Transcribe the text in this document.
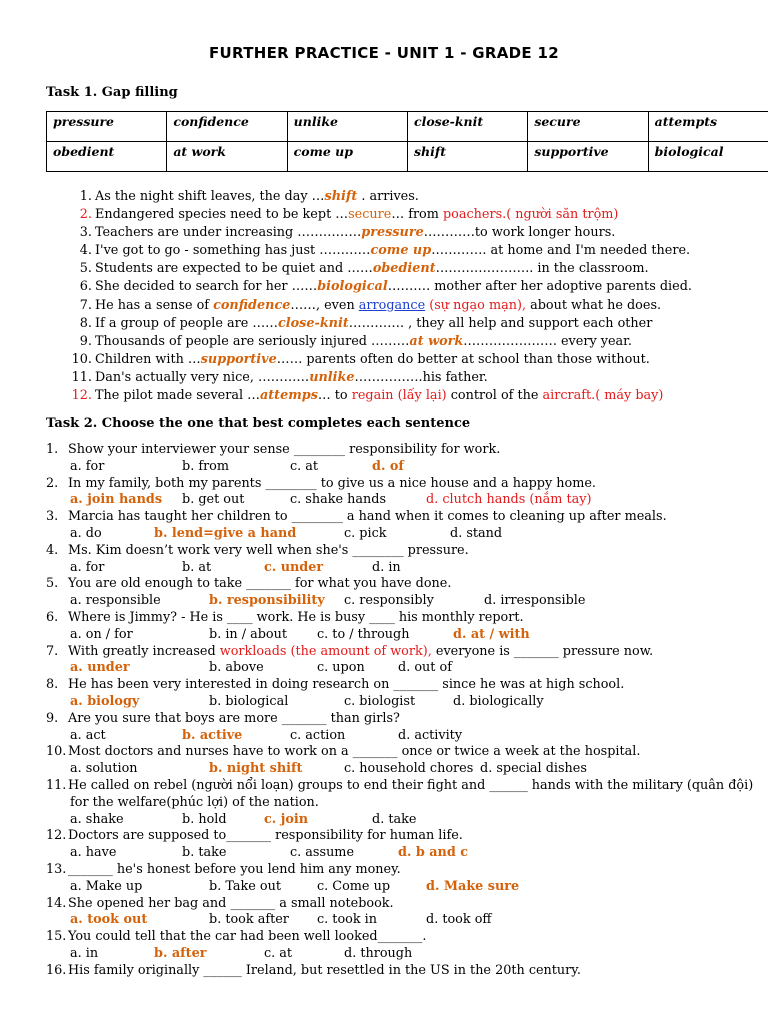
FURTHER PRACTICE - UNIT 1 - GRADE 12
Task 1. Gap filling
pressure	confidence	unlike	close-knit	secure	attempts
obedient	at work	come up	shift	supportive	biological
1. As the night shift leaves, the day …shift . arrives.
2. Endangered species need to be kept …secure… from poachers.( người săn trộm)
3. Teachers are under increasing ……………pressure…………to work longer hours.
4. I've got to go - something has just …………come up…………. at home and I'm needed there.
5. Students are expected to be quiet and ……obedient………………….. in the classroom.
6. She decided to search for her ……biological………. mother after her adoptive parents died.
7. He has a sense of confidence……, even arrogance (sự ngạo mạn), about what he does.
8. If a group of people are ……close-knit…………. , they all help and support each other
9. Thousands of people are seriously injured ………at work…………………. every year.
10. Children with …supportive…… parents often do better at school than those without.
11. Dan's actually very nice, …………unlike…………….his father.
12. The pilot made several …attemps… to regain (lấy lại) control of the aircraft.( máy bay)
Task 2. Choose the one that best completes each sentence
1. Show your interviewer your sense ________ responsibility for work.
a. for	b. from	c. at	d. of
2. In my family, both my parents ________ to give us a nice house and a happy home.
a. join hands b. get out	c. shake hands	d. clutch hands (nắm tay)
3. Marcia has taught her children to ________ a hand when it comes to cleaning up after meals.
a. do	b. lend=give a hand	c. pick	d. stand
4. Ms. Kim doesn’t work very well when she's ________ pressure.
a. for	b. at	c. under	d. in
5. You are old enough to take _______ for what you have done.
a. responsible	b. responsibility c. responsibly	d. irresponsible
6. Where is Jimmy? - He is ____ work. He is busy ____ his monthly report.
a. on / for	b. in / about c. to / through	d. at / with
7. With greatly increased workloads (the amount of work), everyone is _______ pressure now.
a. under	b. above	c. upon	d. out of
8. He has been very interested in doing research on _______ since he was at high school.
a. biology	b. biological	c. biologist	d. biologically
9. Are you sure that boys are more _______ than girls?
a. act	b. active	c. action	d. activity
10. Most doctors and nurses have to work on a _______ once or twice a week at the hospital.
a. solution	b. night shift	c. household chores d. special dishes
11. He called on rebel (người nổi loạn) groups to end their fight and ______ hands with the military (quân đội) for the welfare(phúc lợi) of the nation.
a. shake	b. hold	c. join	d. take
12. Doctors are supposed to_______ responsibility for human life.
a. have	b. take	c. assume	d. b and c
13. _______ he's honest before you lend him any money.
a. Make up	b. Take out	c. Come up	d. Make sure
14. She opened her bag and _______ a small notebook.
a. took out	b. took after c. took in	d. took off
15. You could tell that the car had been well looked_______.
a. in	b. after	c. at	d. through
16. His family originally ______ Ireland, but resettled in the US in the 20th century.
